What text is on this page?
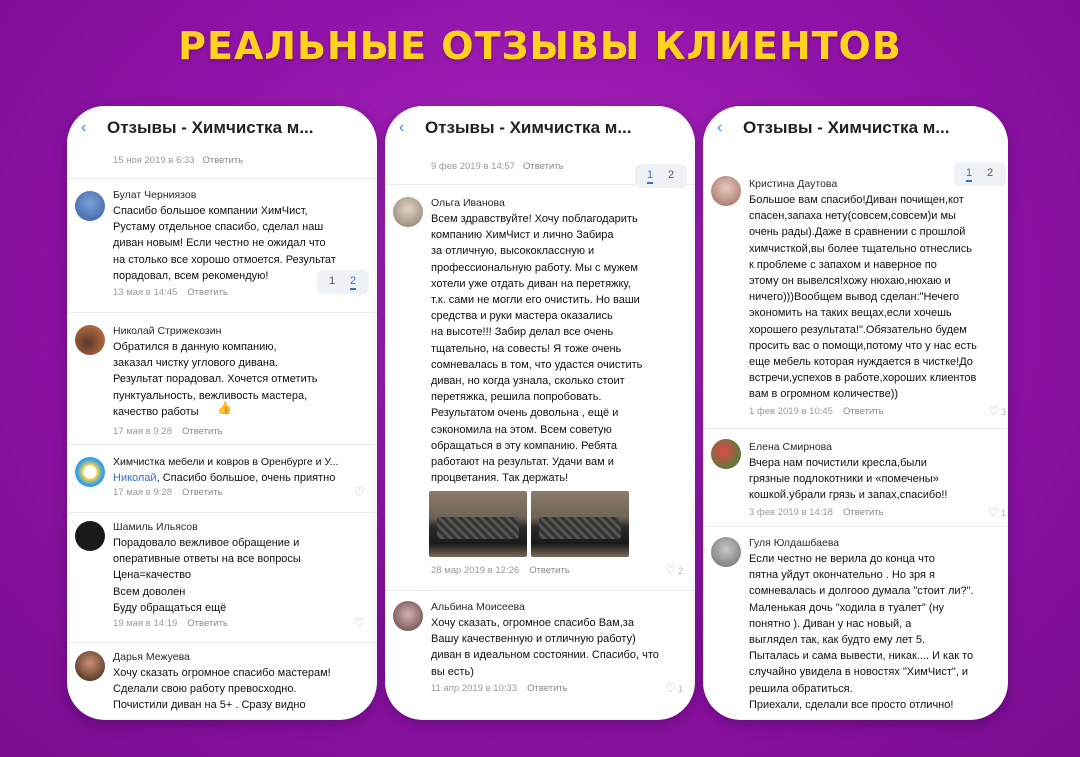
РЕАЛЬНЫЕ ОТЗЫВЫ КЛИЕНТОВ
‹	Отзывы - Химчистка м...
1 2
15 ноя 2019 в 6:33 Ответить
Булат Черниязов
Спасибо большое компании ХимЧист,
Рустаму отдельное спасибо, сделал наш
диван новым! Если честно не ожидал что
на столько все хорошо отмоется. Результат
порадовал, всем рекомендую!
13 мая в 14:45 Ответить
Николай Стрижекозин
Обратился в данную компанию,
заказал чистку углового дивана.
Результат порадовал. Хочется отметить
пунктуальность, вежливость мастера,
качество работы	👍
17 мая в 9:28 Ответить
Химчистка мебели и ковров в Оренбурге и У...
Николай, Спасибо большое, очень приятно
17 мая в 9:28 Ответить	♡
Шамиль Ильясов
Порадовало вежливое обращение и
оперативные ответы на все вопросы
Цена=качество
Всем доволен
Буду обращаться ещё
19 мая в 14:19 Ответить	♡
Дарья Межуева
Хочу сказать огромное спасибо мастерам!
Сделали свою работу превосходно.
Почистили диван на 5+ . Сразу видно
‹	Отзывы - Химчистка м...
1 2
9 фев 2019 в 14:57 Ответить
Ольга Иванова
Всем здравствуйте! Хочу поблагодарить
компанию ХимЧист и лично Забира
за отличную, высококлассную и
профессиональную работу. Мы с мужем
хотели уже отдать диван на перетяжку,
т.к. сами не могли его очистить. Но ваши
средства и руки мастера оказались
на высоте!!! Забир делал все очень
тщательно, на совесть! Я тоже очень
сомневалась в том, что удастся очистить
диван, но когда узнала, сколько стоит
перетяжка, решила попробовать.
Результатом очень довольна , ещё и
сэкономила на этом. Всем советую
обращаться в эту компанию. Ребята
работают на результат. Удачи вам и
процветания. Так держать!
28 мар 2019 в 12:26 Ответить	♡ 2
Альбина Моисеева
Хочу сказать, огромное спасибо Вам,за
Вашу качественную и отличную работу)
диван в идеальном состоянии. Спасибо, что
вы есть)
11 апр 2019 в 10:33 Ответить	♡ 1
‹	Отзывы - Химчистка м...
1 2
Кристина Даутова
Большое вам спасибо!Диван почищен,кот
спасен,запаха нету(совсем,совсем)и мы
очень рады).Даже в сравнении с прошлой
химчисткой,вы более тщательно отнеслись
к проблеме с запахом и наверное по
этому он вывелся!хожу нюхаю,нюхаю и
ничего)))Вообщем вывод сделан:"Нечего
экономить на таких вещах,если хочешь
хорошего результата!".Обязательно будем
просить вас о помощи,потому что у нас есть
еще мебель которая нуждается в чистке!До
встречи,успехов в работе,хороших клиентов
вам в огромном количестве))
1 фев 2019 в 10:45 Ответить	♡ 3
Елена Смирнова
Вчера нам почистили кресла,были
грязные подлокотники и «помечены»
кошкой.убрали грязь и запах,спасибо!!
3 фев 2019 в 14:18 Ответить	♡ 1
Гуля Юлдашбаева
Если честно не верила до конца что
пятна уйдут окончательно . Но зря я
сомневалась и долгооо думала "стоит ли?".
Маленькая дочь "ходила в туалет" (ну
понятно ). Диван у нас новый, а
выглядел так, как будто ему лет 5.
Пыталась и сама вывести, никак.... И как то
случайно увидела в новостях "ХимЧист", и
решила обратиться.
Приехали, сделали все просто отлично!
